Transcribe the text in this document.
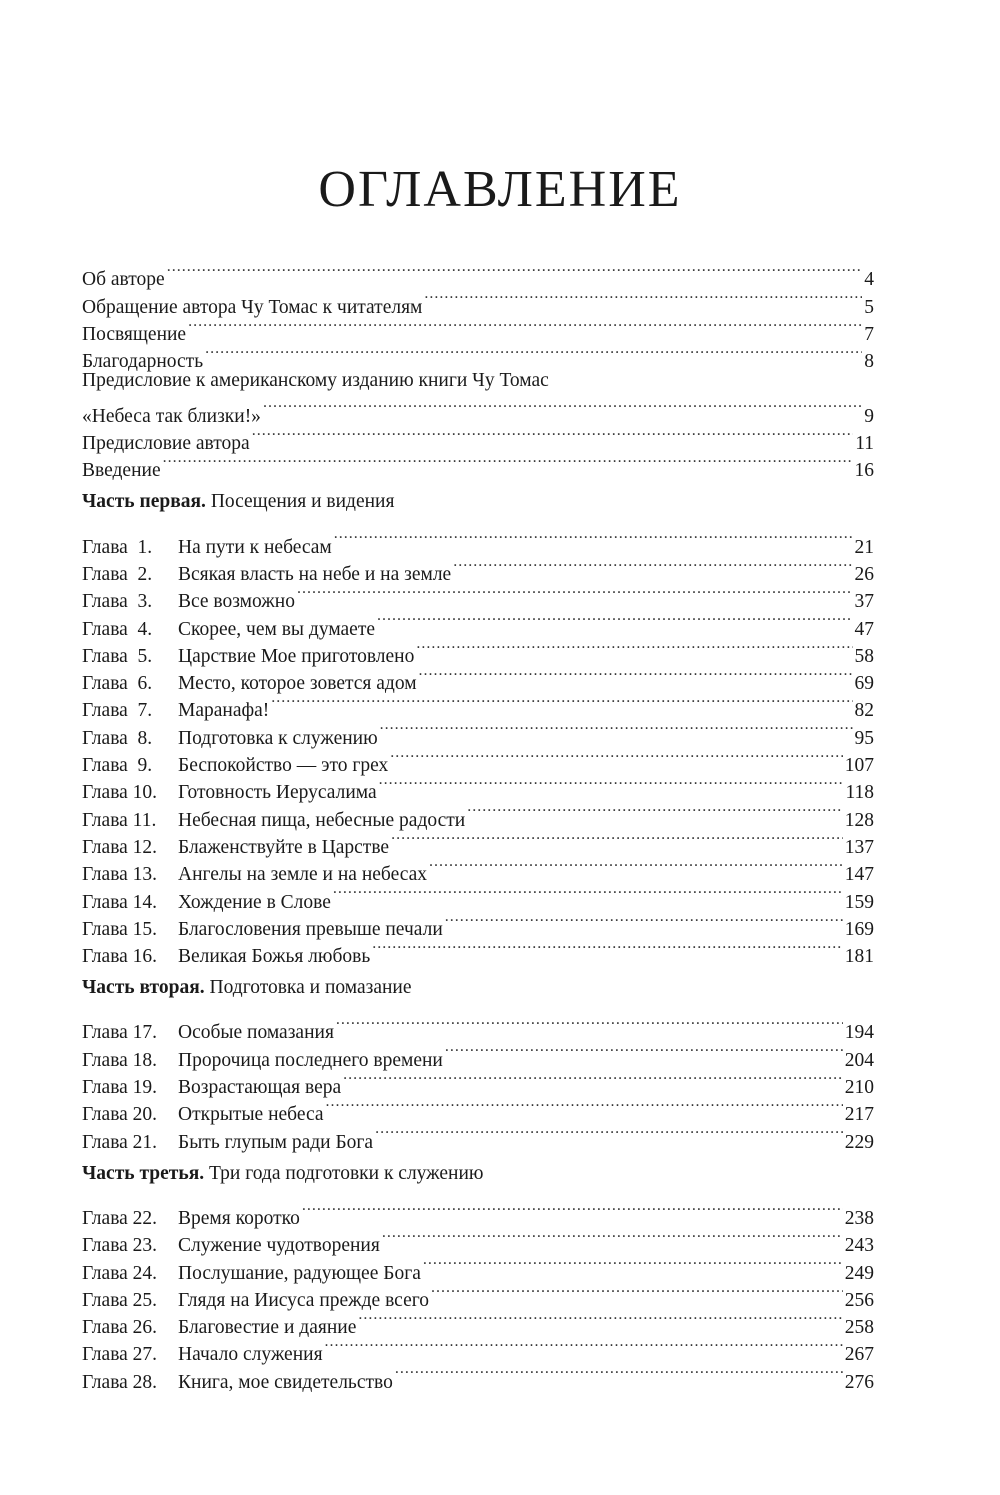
ОГЛАВЛЕНИЕ
Об авторе .....	4
Обращение автора Чу Томас к читателям .....	5
Посвящение .....	7
Благодарность .....	8
Предисловие к американскому изданию книги Чу Томас
«Небеса так близки!» .....	9
Предисловие автора .....	11
Введение .....	16
Часть первая. Посещения и видения
Глава  1. На пути к небесам .....	21
Глава  2. Всякая власть на небе и на земле .....	26
Глава  3. Все возможно .....	37
Глава  4. Скорее, чем вы думаете .....	47
Глава  5. Царствие Мое приготовлено .....	58
Глава  6. Место, которое зовется адом .....	69
Глава  7. Маранафа! .....	82
Глава  8. Подготовка к служению .....	95
Глава  9. Беспокойство — это грех .....	107
Глава 10. Готовность Иерусалима .....	118
Глава 11. Небесная пища, небесные радости .....	128
Глава 12. Блаженствуйте в Царстве .....	137
Глава 13. Ангелы на земле и на небесах .....	147
Глава 14. Хождение в Слове .....	159
Глава 15. Благословения превыше печали .....	169
Глава 16. Великая Божья любовь .....	181
Часть вторая. Подготовка и помазание
Глава 17. Особые помазания .....	194
Глава 18. Пророчица последнего времени .....	204
Глава 19. Возрастающая вера .....	210
Глава 20. Открытые небеса .....	217
Глава 21. Быть глупым ради Бога .....	229
Часть третья. Три года подготовки к служению
Глава 22. Время коротко .....	238
Глава 23. Служение чудотворения .....	243
Глава 24. Послушание, радующее Бога .....	249
Глава 25. Глядя на Иисуса прежде всего .....	256
Глава 26. Благовестие и даяние .....	258
Глава 27. Начало служения .....	267
Глава 28. Книга, мое свидетельство .....	276
